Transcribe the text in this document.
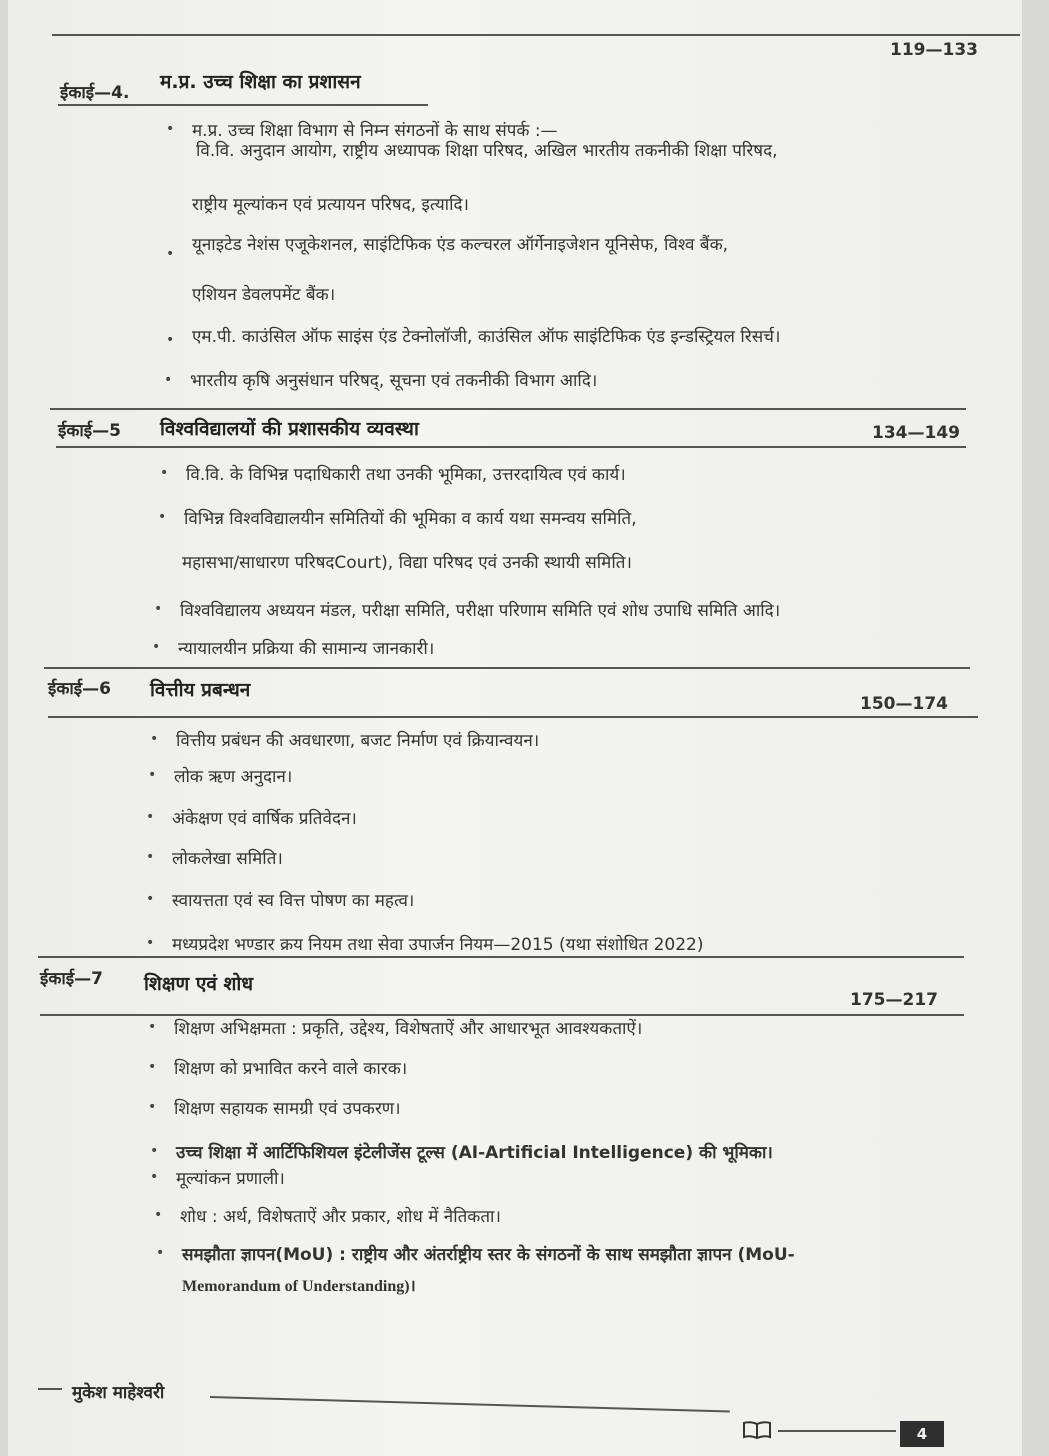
119—133
ईकाई—4. म.प्र. उच्च शिक्षा का प्रशासन
• म.प्र. उच्च शिक्षा विभाग से निम्न संगठनों के साथ संपर्क :—
वि.वि. अनुदान आयोग, राष्ट्रीय अध्यापक शिक्षा परिषद, अखिल भारतीय तकनीकी शिक्षा परिषद,
राष्ट्रीय मूल्यांकन एवं प्रत्यायन परिषद, इत्यादि।
• यूनाइटेड नेशंस एजूकेशनल, साइंटिफिक एंड कल्चरल ऑर्गेनाइजेशन यूनिसेफ, विश्व बैंक,
एशियन डेवलपमेंट बैंक।
• एम.पी. काउंसिल ऑफ साइंस एंड टेक्नोलॉजी, काउंसिल ऑफ साइंटिफिक एंड इन्डस्ट्रियल रिसर्च।
• भारतीय कृषि अनुसंधान परिषद्, सूचना एवं तकनीकी विभाग आदि।
ईकाई—5 विश्वविद्यालयों की प्रशासकीय व्यवस्था	134—149
• वि.वि. के विभिन्न पदाधिकारी तथा उनकी भूमिका, उत्तरदायित्व एवं कार्य।
• विभिन्न विश्वविद्यालयीन समितियों की भूमिका व कार्य यथा समन्वय समिति,
महासभा/साधारण परिषदCourt), विद्या परिषद एवं उनकी स्थायी समिति।
• विश्वविद्यालय अध्ययन मंडल, परीक्षा समिति, परीक्षा परिणाम समिति एवं शोध उपाधि समिति आदि।
• न्यायालयीन प्रक्रिया की सामान्य जानकारी।
ईकाई—6 वित्तीय प्रबन्धन
150—174
• वित्तीय प्रबंधन की अवधारणा, बजट निर्माण एवं क्रियान्वयन।
• लोक ऋण अनुदान।
• अंकेक्षण एवं वार्षिक प्रतिवेदन।
• लोकलेखा समिति।
• स्वायत्तता एवं स्व वित्त पोषण का महत्व।
• मध्यप्रदेश भण्डार क्रय नियम तथा सेवा उपार्जन नियम—2015 (यथा संशोधित 2022)
ईकाई—7 शिक्षण एवं शोध
175—217
• शिक्षण अभिक्षमता : प्रकृति, उद्देश्य, विशेषताऐं और आधारभूत आवश्यकताऐं।
• शिक्षण को प्रभावित करने वाले कारक।
• शिक्षण सहायक सामग्री एवं उपकरण।
• उच्च शिक्षा में आर्टिफिशियल इंटेलीजेंस टूल्स (AI-Artificial Intelligence) की भूमिका।
• मूल्यांकन प्रणाली।
• शोध : अर्थ, विशेषताऐं और प्रकार, शोध में नैतिकता।
• समझौता ज्ञापन(MoU) : राष्ट्रीय और अंतर्राष्ट्रीय स्तर के संगठनों के साथ समझौता ज्ञापन (MoU-
Memorandum of Understanding)।
मुकेश माहेश्वरी
4
